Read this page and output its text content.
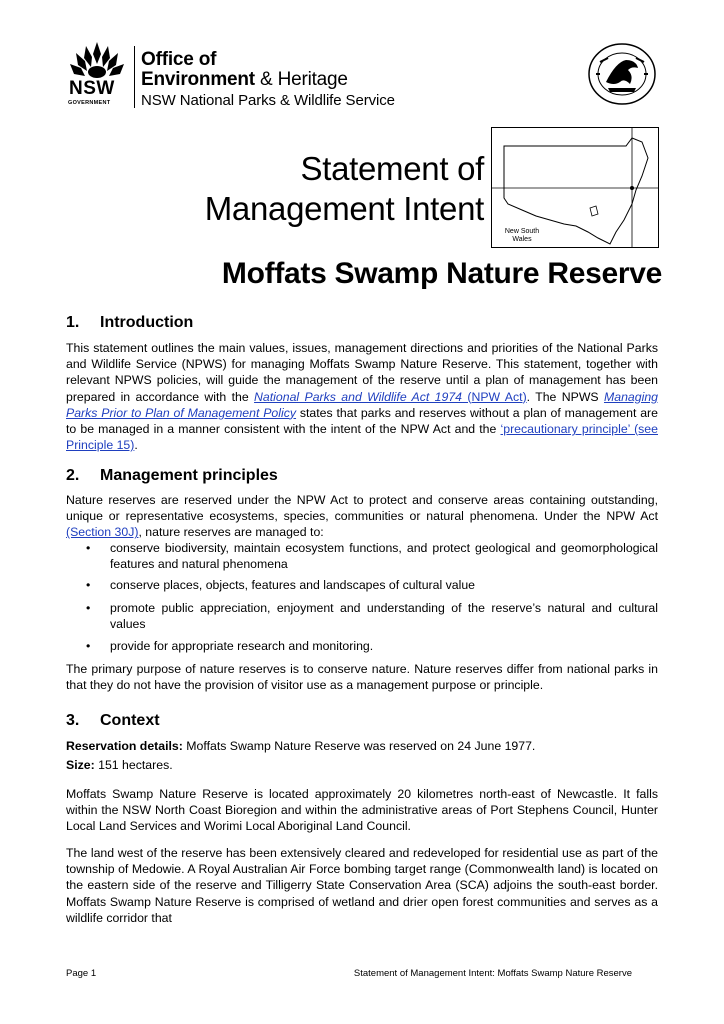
NSW
GOVERNMENT
Office of
Environment & Heritage
NSW National Parks & Wildlife Service
Statement of
Management Intent
New South Wales
Moffats Swamp Nature Reserve
1. Introduction
This statement outlines the main values, issues, management directions and priorities of the National Parks and Wildlife Service (NPWS) for managing Moffats Swamp Nature Reserve. This statement, together with relevant NPWS policies, will guide the management of the reserve until a plan of management has been prepared in accordance with the National Parks and Wildlife Act 1974 (NPW Act). The NPWS Managing Parks Prior to Plan of Management Policy states that parks and reserves without a plan of management are to be managed in a manner consistent with the intent of the NPW Act and the ‘precautionary principle’ (see Principle 15).
2. Management principles
Nature reserves are reserved under the NPW Act to protect and conserve areas containing outstanding, unique or representative ecosystems, species, communities or natural phenomena. Under the NPW Act (Section 30J), nature reserves are managed to:
• conserve biodiversity, maintain ecosystem functions, and protect geological and geomorphological features and natural phenomena
• conserve places, objects, features and landscapes of cultural value
• promote public appreciation, enjoyment and understanding of the reserve’s natural and cultural values
• provide for appropriate research and monitoring.
The primary purpose of nature reserves is to conserve nature. Nature reserves differ from national parks in that they do not have the provision of visitor use as a management purpose or principle.
3. Context
Reservation details: Moffats Swamp Nature Reserve was reserved on 24 June 1977.
Size: 151 hectares.
Moffats Swamp Nature Reserve is located approximately 20 kilometres north-east of Newcastle. It falls within the NSW North Coast Bioregion and within the administrative areas of Port Stephens Council, Hunter Local Land Services and Worimi Local Aboriginal Land Council.
The land west of the reserve has been extensively cleared and redeveloped for residential use as part of the township of Medowie. A Royal Australian Air Force bombing target range (Commonwealth land) is located on the eastern side of the reserve and Tilligerry State Conservation Area (SCA) adjoins the south-east border. Moffats Swamp Nature Reserve is comprised of wetland and drier open forest communities and serves as a wildlife corridor that
Page 1	Statement of Management Intent: Moffats Swamp Nature Reserve
